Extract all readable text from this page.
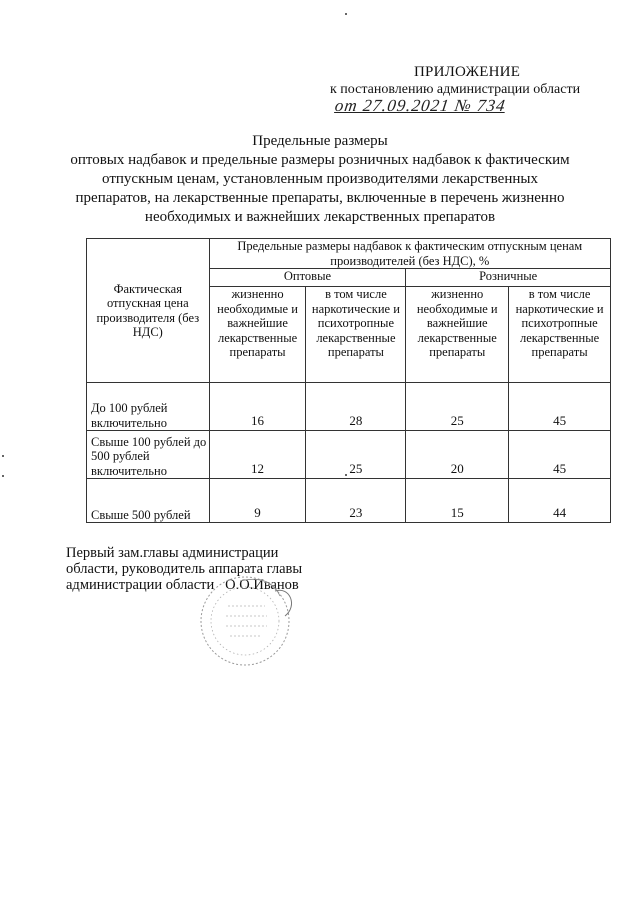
ПРИЛОЖЕНИЕ
к постановлению администрации области
от 27.09.2021 № 734
Предельные размеры
оптовых надбавок и предельные размеры розничных надбавок к фактическим
отпускным ценам, установленным производителями лекарственных
препаратов, на лекарственные препараты, включенные в перечень жизненно
необходимых и важнейших лекарственных препаратов
Фактическая отпускная цена производителя (без НДС)	Предельные размеры надбавок к фактическим отпускным ценам производителей (без НДС), %			
	Оптовые		Розничные	
	жизненно необходимые и важнейшие лекарственные препараты	в том числе наркотические и психотропные лекарственные препараты	жизненно необходимые и важнейшие лекарственные препараты	в том числе наркотические и психотропные лекарственные препараты
До 100 рублей включительно	16	28	25	45
Свыше 100 рублей до 500 рублей включительно	12	25	20	45
Свыше 500 рублей	9	23	15	44
Первый зам.главы администрации
области, руководитель аппарата главы
администрации области   О.О.Иванов
